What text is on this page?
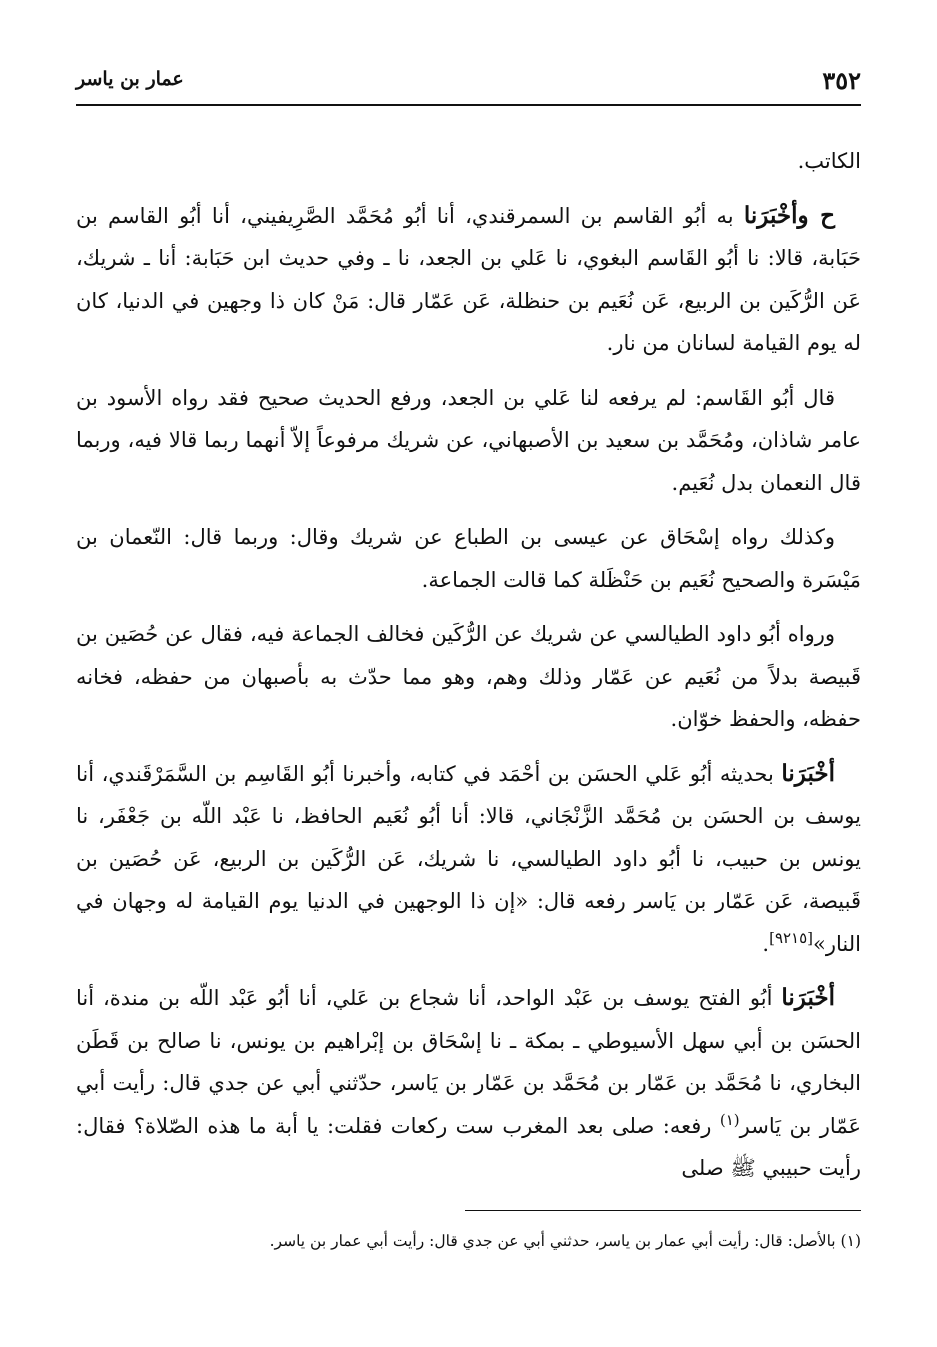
٣٥٢
عمار بن ياسر

الكاتب.

ح وأخْبَرَنا به أبُو القاسم بن السمرقندي، أنا أبُو مُحَمَّد الصَّرِيفيني، أنا أبُو القاسم بن حَبَابة، قالا: نا أبُو القَاسم البغوي، نا عَلي بن الجعد، نا ـ وفي حديث ابن حَبَابة: أنا ـ شريك، عَن الرُّكَين بن الربيع، عَن نُعَيم بن حنظلة، عَن عَمّار قال: مَنْ كان ذا وجهين في الدنيا، كان له يوم القيامة لسانان من نار.

قال أبُو القَاسم: لم يرفعه لنا عَلي بن الجعد، ورفع الحديث صحيح فقد رواه الأسود بن عامر شاذان، ومُحَمَّد بن سعيد بن الأصبهاني، عن شريك مرفوعاً إلاّ أنهما ربما قالا فيه، وربما قال النعمان بدل نُعَيم.

وكذلك رواه إسْحَاق عن عيسى بن الطباع عن شريك وقال: وربما قال: النّعمان بن مَيْسَرة والصحيح نُعَيم بن حَنْظَلة كما قالت الجماعة.

ورواه أبُو داود الطيالسي عن شريك عن الرُّكَين فخالف الجماعة فيه، فقال عن حُصَين بن قَبيصة بدلاً من نُعَيم عن عَمّار وذلك وهم، وهو مما حدّث به بأصبهان من حفظه، فخانه حفظه، والحفظ خوّان.

أخْبَرَنا بحديثه أبُو عَلي الحسَن بن أحْمَد في كتابه، وأخبرنا أبُو القَاسِم بن السَّمَرْقَندي، أنا يوسف بن الحسَن بن مُحَمَّد الزَّنْجَاني، قالا: أنا أبُو نُعَيم الحافظ، نا عَبْد اللّه بن جَعْفَر، نا يونس بن حبيب، نا أبُو داود الطيالسي، نا شريك، عَن الرُّكَين بن الربيع، عَن حُصَين بن قَبيصة، عَن عَمّار بن يَاسر رفعه قال: «إن ذا الوجهين في الدنيا يوم القيامة له وجهان في النار»[٩٢١٥].

أخْبَرَنا أبُو الفتح يوسف بن عَبْد الواحد، أنا شجاع بن عَلي، أنا أبُو عَبْد اللّه بن مندة، أنا الحسَن بن أبي سهل الأسيوطي ـ بمكة ـ نا إسْحَاق بن إبْراهيم بن يونس، نا صالح بن قَطَن البخاري، نا مُحَمَّد بن عَمّار بن مُحَمَّد بن عَمّار بن يَاسر، حدّثني أبي عن جدي قال: رأيت أبي عَمّار بن يَاسر$^{(١)}$ رفعه: صلى بعد المغرب ست ركعات فقلت: يا أبة ما هذه الصّلاة؟ فقال: رأيت حبيبي ﷺ صلى

(١) بالأصل: قال: رأيت أبي عمار بن ياسر، حدثني أبي عن جدي قال: رأيت أبي عمار بن ياسر.
